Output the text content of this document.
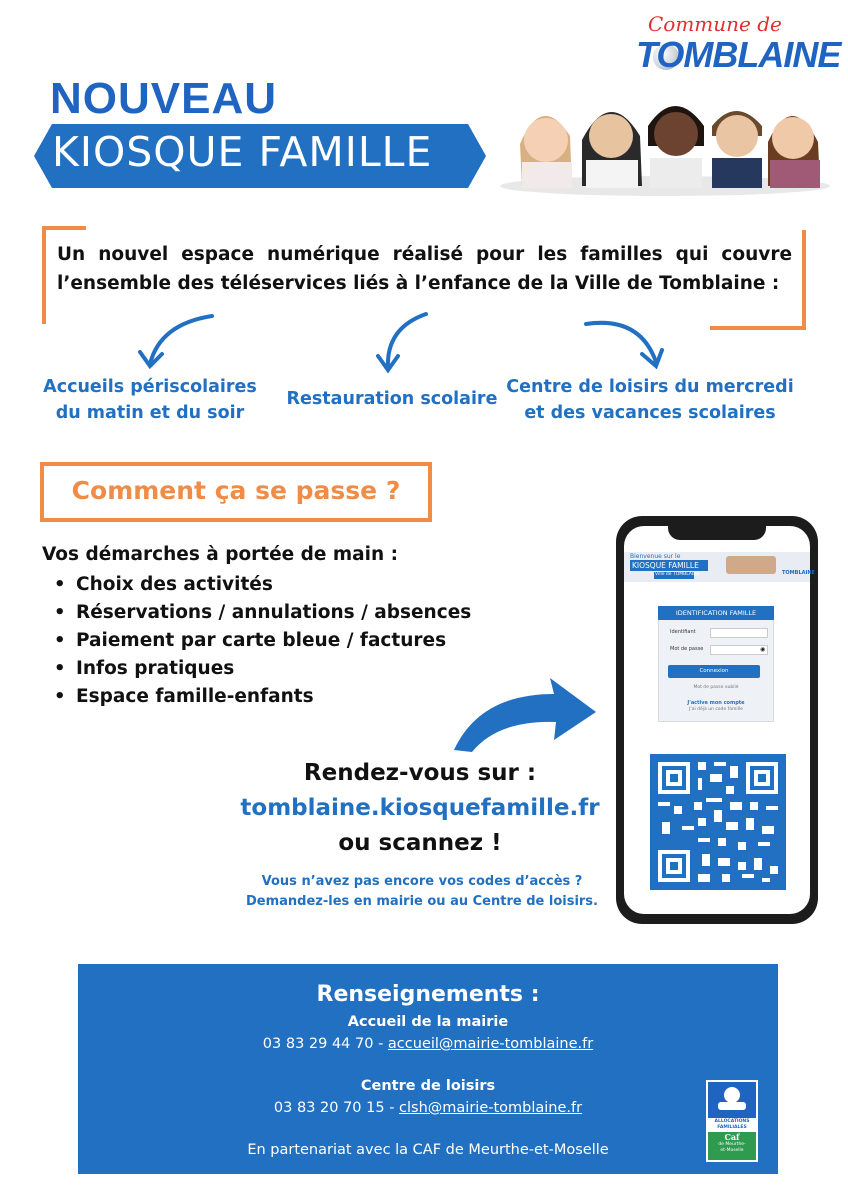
Commune de
TOMBLAINE
NOUVEAU
KIOSQUE FAMILLE
Un nouvel espace numérique réalisé pour les familles qui couvre l’ensemble des téléservices liés à l’enfance de la Ville de Tomblaine :
Accueils périscolaires
du matin et du soir
Restauration scolaire
Centre de loisirs du mercredi
et des vacances scolaires
Comment ça se passe ?
Vos démarches à portée de main :
• Choix des activités
• Réservations / annulations / absences
• Paiement par carte bleue / factures
• Infos pratiques
• Espace famille-enfants
Rendez-vous sur :
tomblaine.kiosquefamille.fr
ou scannez !
Vous n’avez pas encore vos codes d’accès ?
Demandez-les en mairie ou au Centre de loisirs.
Bienvenue sur le
KIOSQUE FAMILLE
Ville de TOMBLAINE	TOMBLAINE
IDENTIFICATION FAMILLE
Identifiant
Mot de passe	◉
Connexion
Mot de passe oublié
J'active mon compte
J'ai déjà un code famille
Renseignements :
Accueil de la mairie
03 83 29 44 70 - accueil@mairie-tomblaine.fr
Centre de loisirs
03 83 20 70 15 - clsh@mairie-tomblaine.fr
En partenariat avec la CAF de Meurthe-et-Moselle
ALLOCATIONS
FAMILIALES
Caf
de Meurthe-
et-Moselle
